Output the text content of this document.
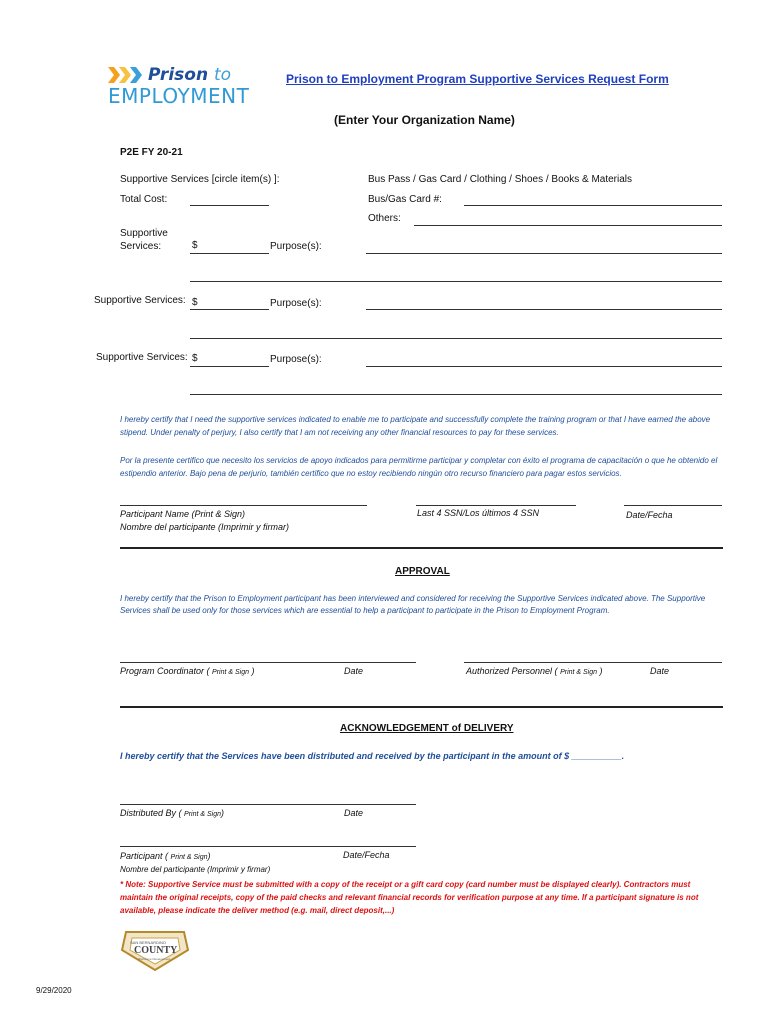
Prison to
EMPLOYMENT
Prison to Employment Program Supportive Services Request Form
(Enter Your Organization Name)
P2E FY 20-21
Supportive Services [circle item(s) ]:	Bus Pass / Gas Card / Clothing / Shoes / Books & Materials
Total Cost:	Bus/Gas Card #:
Others:
Supportive
Services:	$	Purpose(s):
Supportive Services: $	Purpose(s):
Supportive Services: $	Purpose(s):
I hereby certify that I need the supportive services indicated to enable me to participate and successfully complete the training program or that I have earned the above stipend. Under penalty of perjury, I also certify that I am not receiving any other financial resources to pay for these services.
Por la presente certifico que necesito los servicios de apoyo indicados para permitirme participar y completar con éxito el programa de capacitación o que he obtenido el estipendio anterior. Bajo pena de perjurio, también certifico que no estoy recibiendo ningún otro recurso financiero para pagar estos servicios.
Participant Name (Print & Sign)
Nombre del participante (Imprimir y firmar)
Last 4 SSN/Los últimos 4 SSN	Date/Fecha
APPROVAL
I hereby certify that the Prison to Employment participant has been interviewed and considered for receiving the Supportive Services indicated above. The Supportive Services shall be used only for those services which are essential to help a participant to participate in the Prison to Employment Program.
Program Coordinator ( Print & Sign )	Date	Authorized Personnel ( Print & Sign )	Date
ACKNOWLEDGEMENT of DELIVERY
I hereby certify that the Services have been distributed and received by the participant in the amount of $ __________.
Distributed By ( Print & Sign)	Date
Participant ( Print & Sign)	Date/Fecha
Nombre del participante (Imprimir y firmar)
* Note: Supportive Service must be submitted with a copy of the receipt or a gift card copy (card number must be displayed clearly). Contractors must maintain the original receipts, copy of the paid checks and relevant financial records for verification purpose at any time. If a participant signature is not available, please indicate the deliver method (e.g. mail, direct deposit,...)
SAN BERNARDINO
COUNTY
Workforce Development
9/29/2020
